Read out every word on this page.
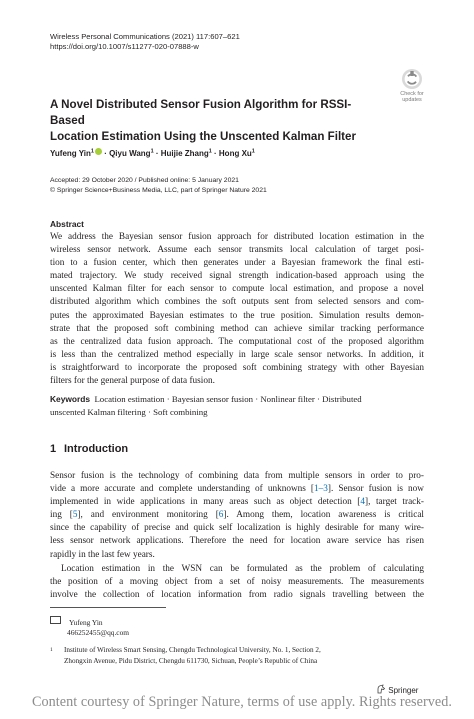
Wireless Personal Communications (2021) 117:607–621
https://doi.org/10.1007/s11277-020-07888-w
Check for
updates
A Novel Distributed Sensor Fusion Algorithm for RSSI-Based
Location Estimation Using the Unscented Kalman Filter
Yufeng Yin$^1$ · Qiyu Wang$^1$ · Huijie Zhang$^1$ · Hong Xu$^1$
Accepted: 29 October 2020 / Published online: 5 January 2021
© Springer Science+Business Media, LLC, part of Springer Nature 2021
Abstract
We address the Bayesian sensor fusion approach for distributed location estimation in the
wireless sensor network. Assume each sensor transmits local calculation of target posi-
tion to a fusion center, which then generates under a Bayesian framework the final esti-
mated trajectory. We study received signal strength indication-based approach using the
unscented Kalman filter for each sensor to compute local estimation, and propose a novel
distributed algorithm which combines the soft outputs sent from selected sensors and com-
putes the approximated Bayesian estimates to the true position. Simulation results demon-
strate that the proposed soft combining method can achieve similar tracking performance
as the centralized data fusion approach. The computational cost of the proposed algorithm
is less than the centralized method especially in large scale sensor networks. In addition, it
is straightforward to incorporate the proposed soft combining strategy with other Bayesian
filters for the general purpose of data fusion.
Keywords Location estimation · Bayesian sensor fusion · Nonlinear filter · Distributed
unscented Kalman filtering · Soft combining
1 Introduction
Sensor fusion is the technology of combining data from multiple sensors in order to pro-
vide a more accurate and complete understanding of unknowns [1–3]. Sensor fusion is now
implemented in wide applications in many areas such as object detection [4], target track-
ing [5], and environment monitoring [6]. Among them, location awareness is critical
since the capability of precise and quick self localization is highly desirable for many wire-
less sensor network applications. Therefore the need for location aware service has risen
rapidly in the last few years.
Location estimation in the WSN can be formulated as the problem of calculating
the position of a moving object from a set of noisy measurements. The measurements
involve the collection of location information from radio signals travelling between the
Yufeng Yin
466252455@qq.com
1 Institute of Wireless Smart Sensing, Chengdu Technological University, No. 1, Section 2,
Zhongxin Avenue, Pidu District, Chengdu 611730, Sichuan, People’s Republic of China
Springer
Content courtesy of Springer Nature, terms of use apply. Rights reserved.
